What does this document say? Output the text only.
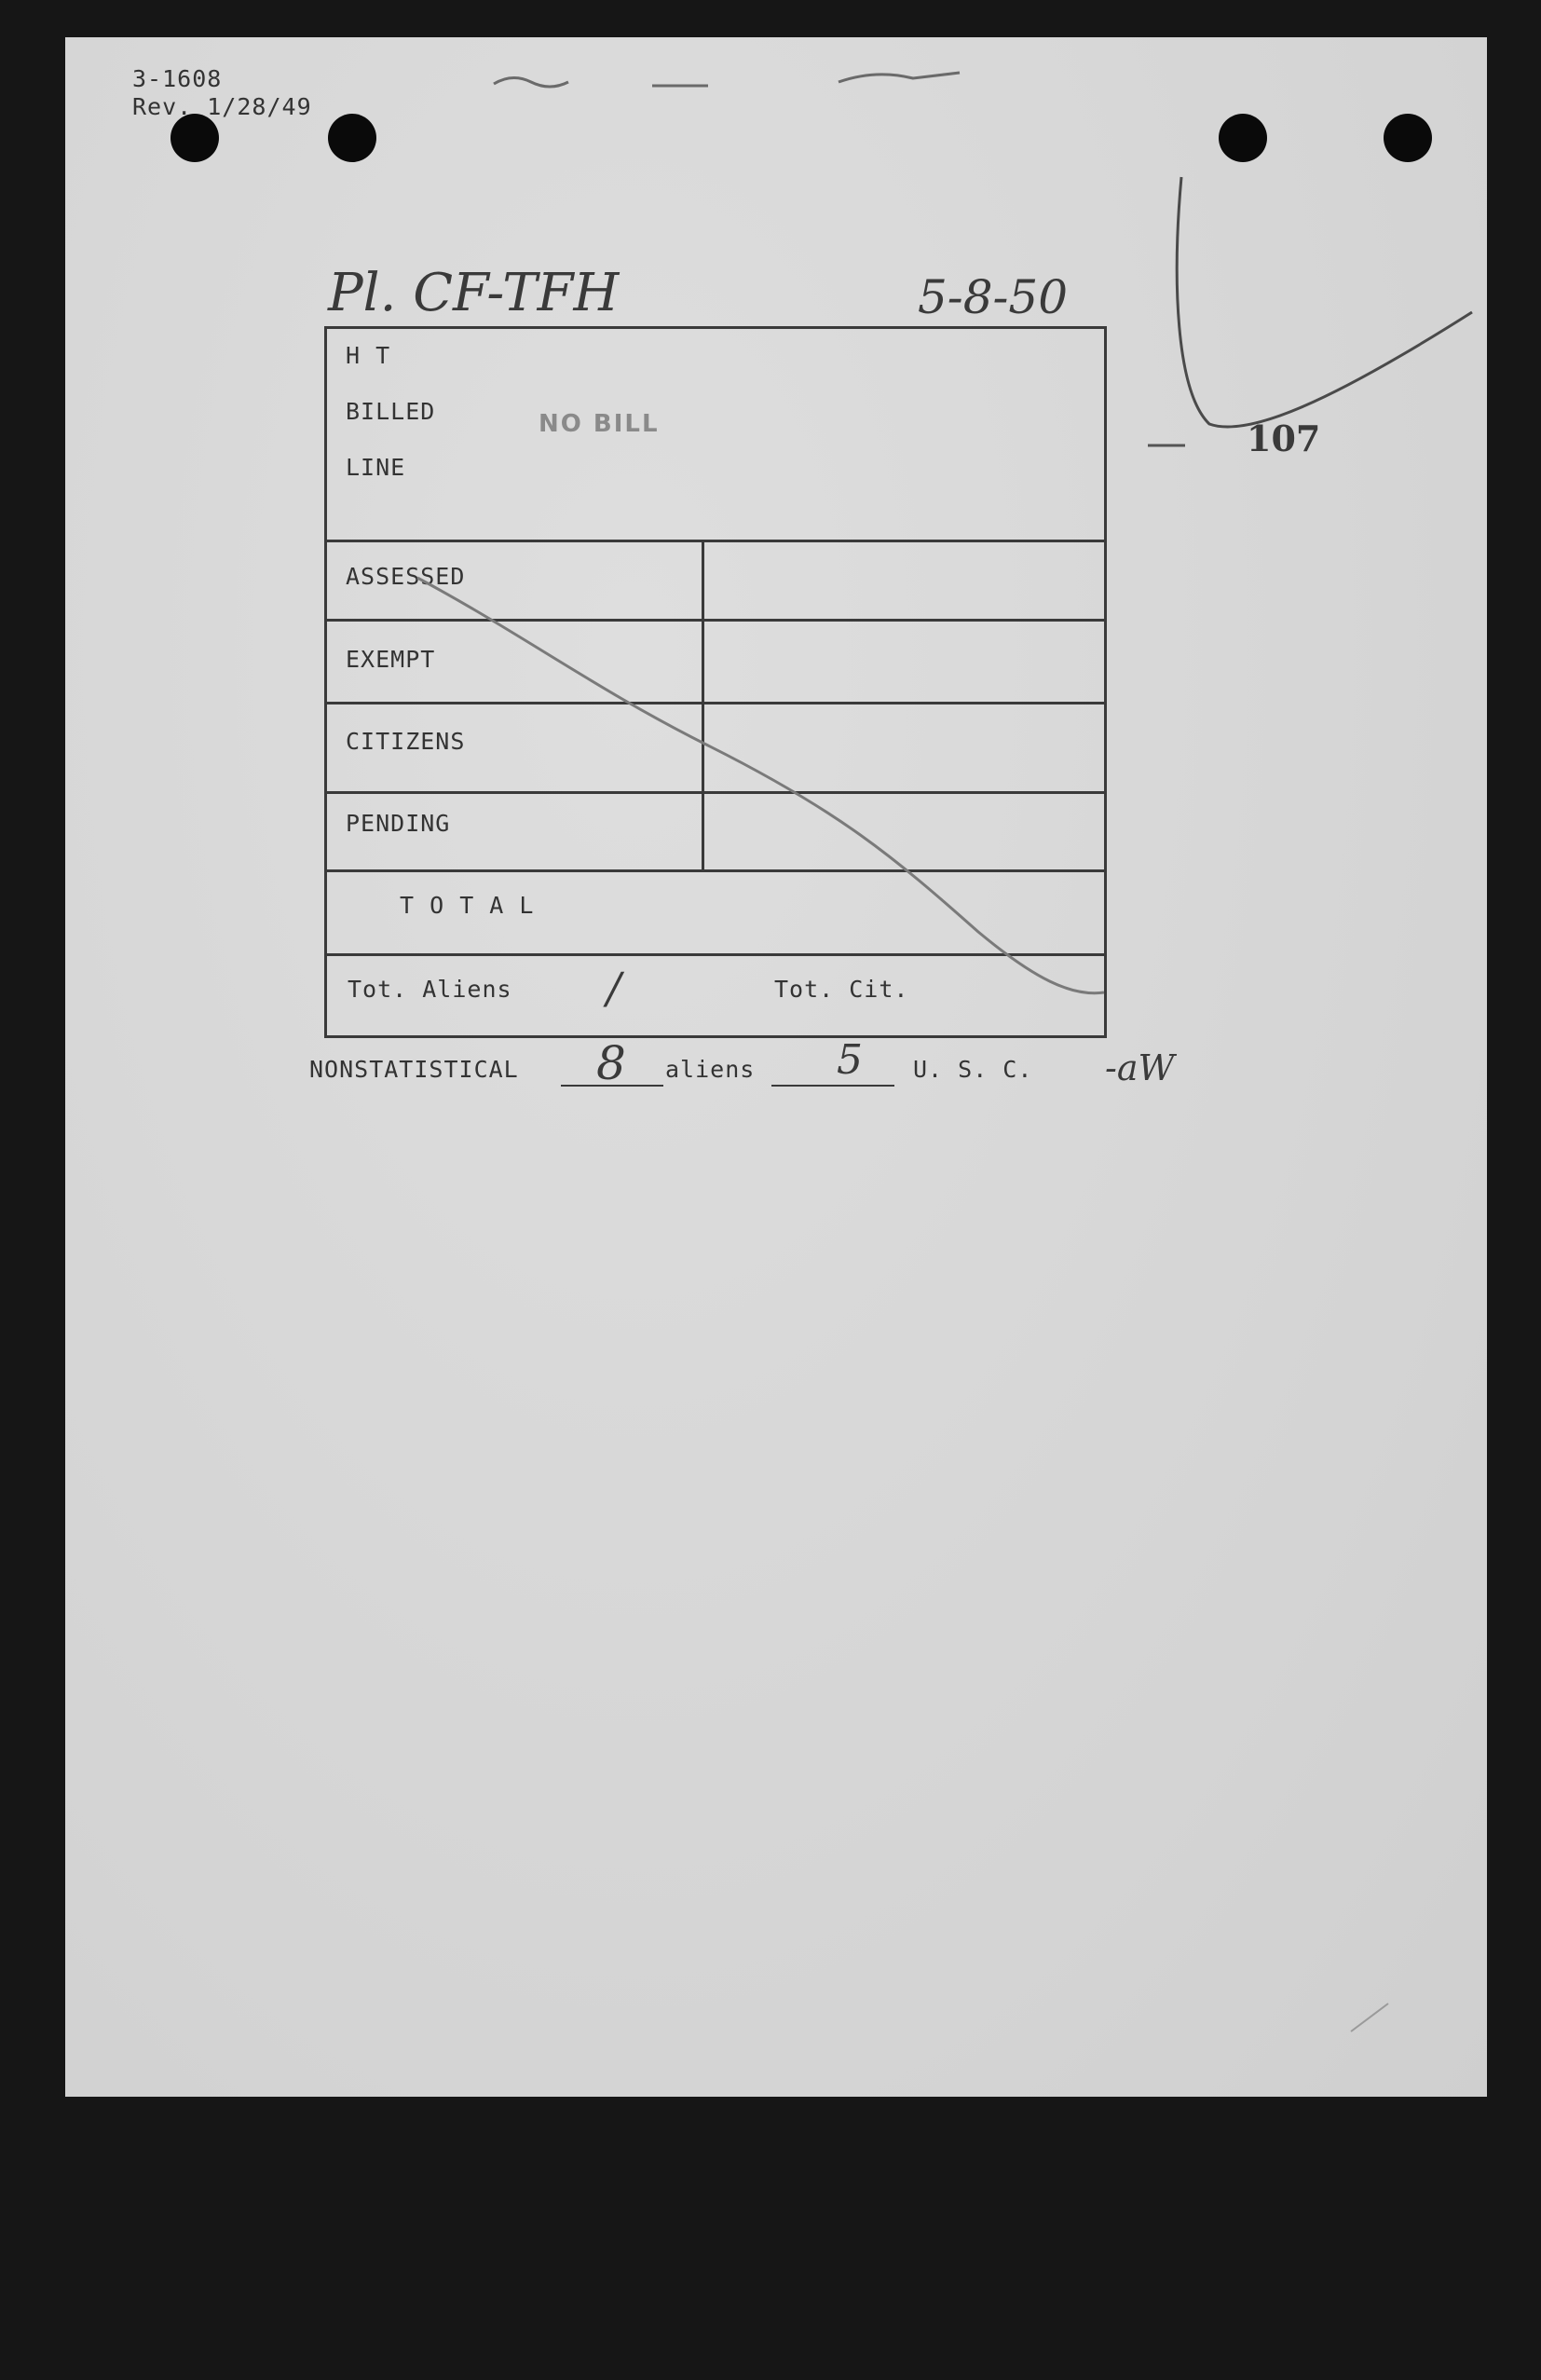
3-1608
Rev. 1/28/49
Pl. CF-TFH	5-8-50
107
H T
BILLED
LINE
ASSESSED
EXEMPT
CITIZENS
PENDING
T O T A L
Tot. Aliens /	Tot. Cit.
NO BILL
NONSTATISTICAL 8 aliens 5 U. S. C. -aW
